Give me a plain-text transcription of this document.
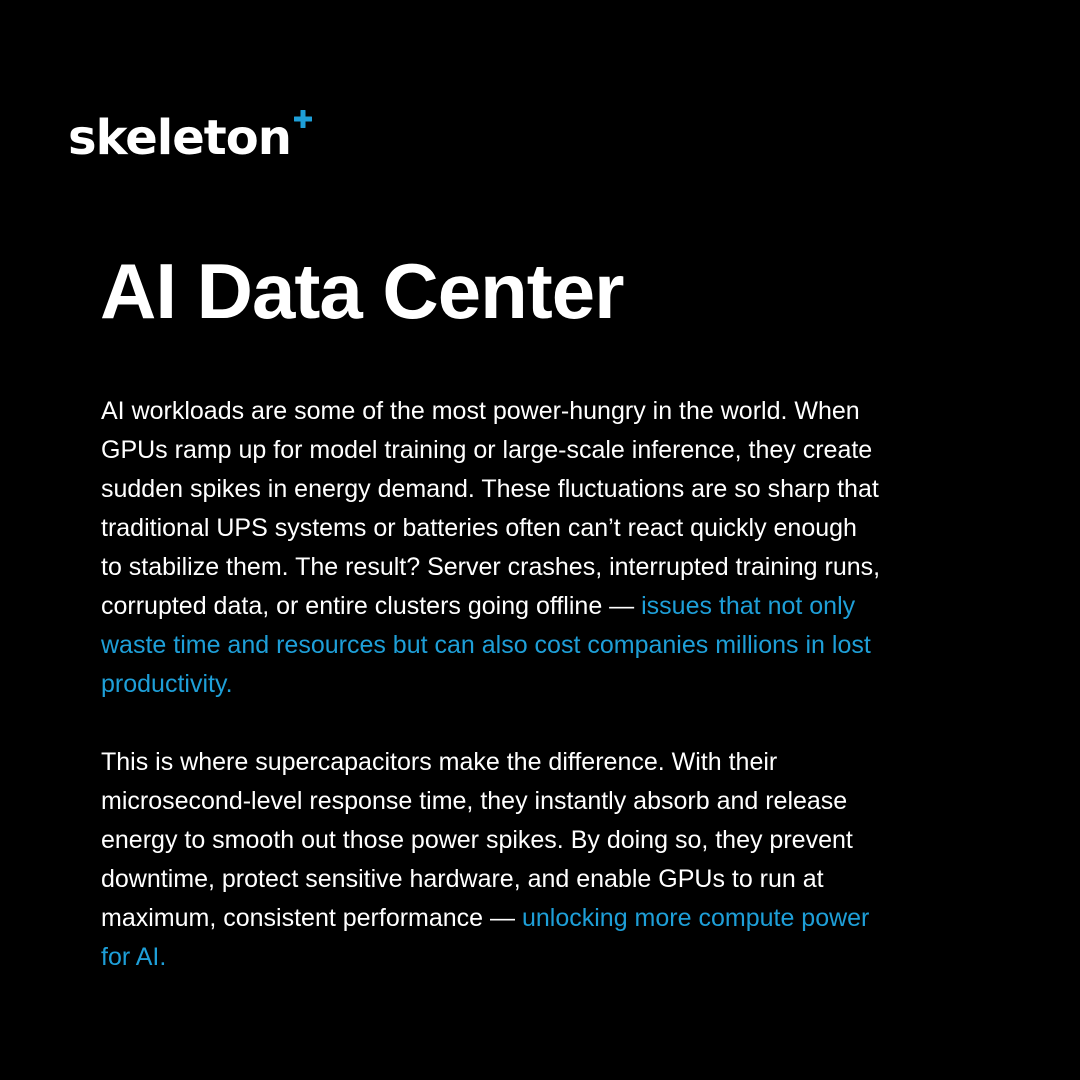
skeleton
AI Data Center

AI workloads are some of the most power-hungry in the world. When
GPUs ramp up for model training or large-scale inference, they create
sudden spikes in energy demand. These fluctuations are so sharp that
traditional UPS systems or batteries often can’t react quickly enough
to stabilize them. The result? Server crashes, interrupted training runs,
corrupted data, or entire clusters going offline — issues that not only
waste time and resources but can also cost companies millions in lost
productivity.

This is where supercapacitors make the difference. With their
microsecond-level response time, they instantly absorb and release
energy to smooth out those power spikes. By doing so, they prevent
downtime, protect sensitive hardware, and enable GPUs to run at
maximum, consistent performance — unlocking more compute power
for AI.
